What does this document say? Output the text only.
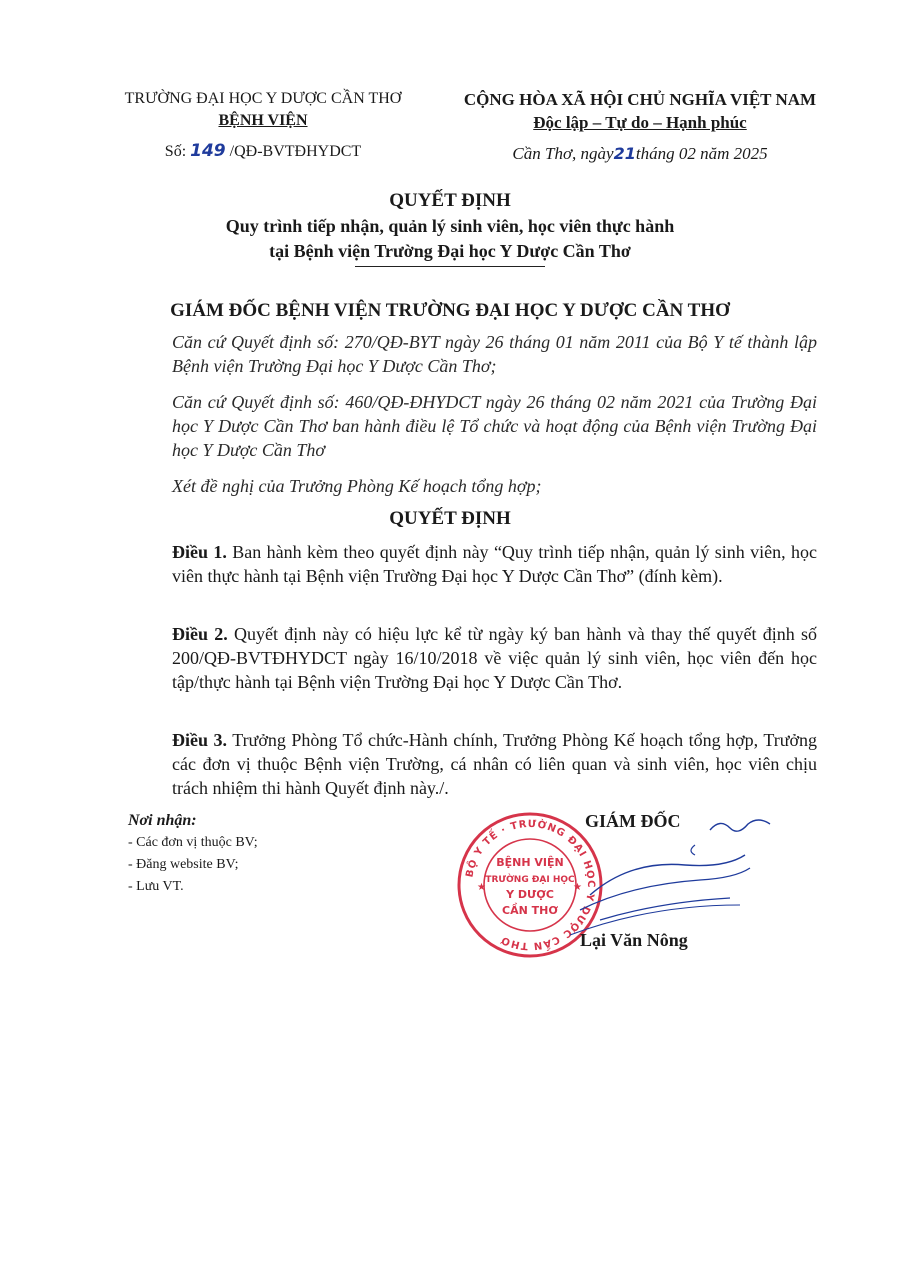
TRƯỜNG ĐẠI HỌC Y DƯỢC CẦN THƠ
BỆNH VIỆN
Số: 149 /QĐ-BVTĐHYDCT
CỘNG HÒA XÃ HỘI CHỦ NGHĨA VIỆT NAM
Độc lập – Tự do – Hạnh phúc
Cần Thơ, ngày21tháng 02 năm 2025
QUYẾT ĐỊNH
Quy trình tiếp nhận, quản lý sinh viên, học viên thực hành
tại Bệnh viện Trường Đại học Y Dược Cần Thơ
GIÁM ĐỐC BỆNH VIỆN TRƯỜNG ĐẠI HỌC Y DƯỢC CẦN THƠ
Căn cứ Quyết định số: 270/QĐ-BYT ngày 26 tháng 01 năm 2011 của Bộ Y tế thành lập Bệnh viện Trường Đại học Y Dược Cần Thơ;
Căn cứ Quyết định số: 460/QĐ-ĐHYDCT ngày 26 tháng 02 năm 2021 của Trường Đại học Y Dược Cần Thơ ban hành điều lệ Tổ chức và hoạt động của Bệnh viện Trường Đại học Y Dược Cần Thơ
Xét đề nghị của Trưởng Phòng Kế hoạch tổng hợp;
QUYẾT ĐỊNH
Điều 1. Ban hành kèm theo quyết định này “Quy trình tiếp nhận, quản lý sinh viên, học viên thực hành tại Bệnh viện Trường Đại học Y Dược Cần Thơ” (đính kèm).
Điều 2. Quyết định này có hiệu lực kể từ ngày ký ban hành và thay thế quyết định số 200/QĐ-BVTĐHYDCT ngày 16/10/2018 về việc quản lý sinh viên, học viên đến học tập/thực hành tại Bệnh viện Trường Đại học Y Dược Cần Thơ.
Điều 3. Trưởng Phòng Tổ chức-Hành chính, Trưởng Phòng Kế hoạch tổng hợp, Trưởng các đơn vị thuộc Bệnh viện Trường, cá nhân có liên quan và sinh viên, học viên chịu trách nhiệm thi hành Quyết định này./.
Nơi nhận:
- Các đơn vị thuộc BV;
- Đăng website BV;
- Lưu VT.
BỘ Y TẾ · TRƯỜNG ĐẠI HỌC Y DƯỢC CẦN THƠ
BỆNH VIỆN
TRƯỜNG ĐẠI HỌC
Y DƯỢC
CẦN THƠ
★	★
GIÁM ĐỐC
Lại Văn Nông
